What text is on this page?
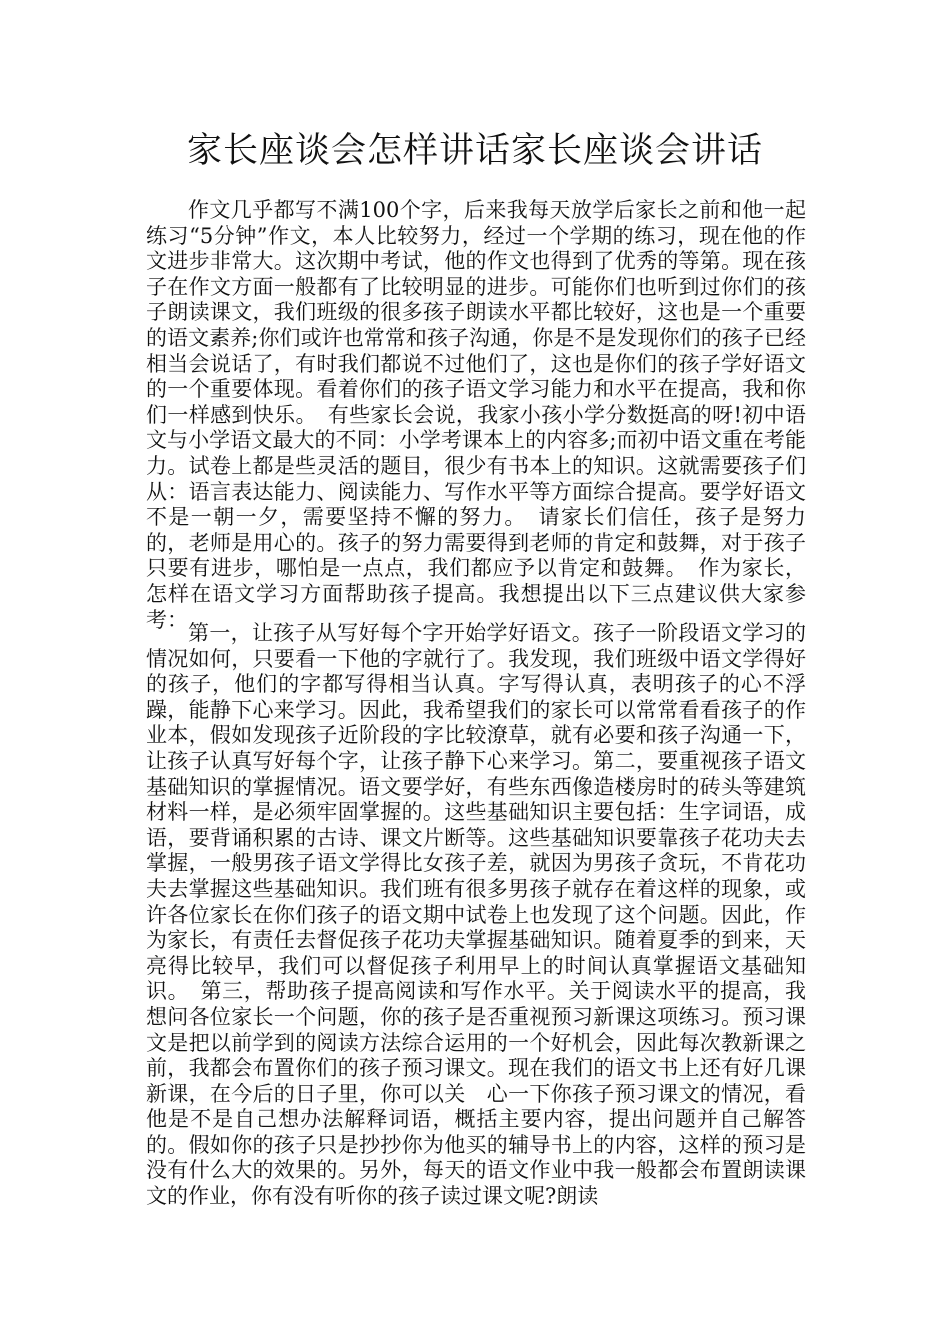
家长座谈会怎样讲话家长座谈会讲话

作文几乎都写不满100个字，后来我每天放学后家长之前和他一起练习“5分钟”作文，本人比较努力，经过一个学期的练习，现在他的作文进步非常大。这次期中考试，他的作文也得到了优秀的等第。现在孩子在作文方面一般都有了比较明显的进步。可能你们也听到过你们的孩子朗读课文，我们班级的很多孩子朗读水平都比较好，这也是一个重要的语文素养;你们或许也常常和孩子沟通，你是不是发现你们的孩子已经相当会说话了，有时我们都说不过他们了，这也是你们的孩子学好语文的一个重要体现。看着你们的孩子语文学习能力和水平在提高，我和你们一样感到快乐。　有些家长会说，我家小孩小学分数挺高的呀!初中语文与小学语文最大的不同：小学考课本上的内容多;而初中语文重在考能力。试卷上都是些灵活的题目，很少有书本上的知识。这就需要孩子们从：语言表达能力、阅读能力、写作水平等方面综合提高。要学好语文不是一朝一夕，需要坚持不懈的努力。　请家长们信任，孩子是努力的，老师是用心的。孩子的努力需要得到老师的肯定和鼓舞，对于孩子只要有进步，哪怕是一点点，我们都应予以肯定和鼓舞。　作为家长，怎样在语文学习方面帮助孩子提高。我想提出以下三点建议供大家参考：

第一，让孩子从写好每个字开始学好语文。孩子一阶段语文学习的情况如何，只要看一下他的字就行了。我发现，我们班级中语文学得好的孩子，他们的字都写得相当认真。字写得认真，表明孩子的心不浮躁，能静下心来学习。因此，我希望我们的家长可以常常看看孩子的作业本，假如发现孩子近阶段的字比较潦草，就有必要和孩子沟通一下，让孩子认真写好每个字，让孩子静下心来学习。第二，要重视孩子语文基础知识的掌握情况。语文要学好，有些东西像造楼房时的砖头等建筑材料一样，是必须牢固掌握的。这些基础知识主要包括：生字词语，成语，要背诵积累的古诗、课文片断等。这些基础知识要靠孩子花功夫去掌握，一般男孩子语文学得比女孩子差，就因为男孩子贪玩，不肯花功夫去掌握这些基础知识。我们班有很多男孩子就存在着这样的现象，或许各位家长在你们孩子的语文期中试卷上也发现了这个问题。因此，作为家长，有责任去督促孩子花功夫掌握基础知识。随着夏季的到来，天亮得比较早，我们可以督促孩子利用早上的时间认真掌握语文基础知识。　第三，帮助孩子提高阅读和写作水平。关于阅读水平的提高，我想问各位家长一个问题，你的孩子是否重视预习新课这项练习。预习课文是把以前学到的阅读方法综合运用的一个好机会，因此每次教新课之前，我都会布置你们的孩子预习课文。现在我们的语文书上还有好几课新课，在今后的日子里，你可以关　心一下你孩子预习课文的情况，看他是不是自己想办法解释词语，概括主要内容，提出问题并自己解答的。假如你的孩子只是抄抄你为他买的辅导书上的内容，这样的预习是没有什么大的效果的。另外，每天的语文作业中我一般都会布置朗读课文的作业，你有没有听你的孩子读过课文呢?朗读
